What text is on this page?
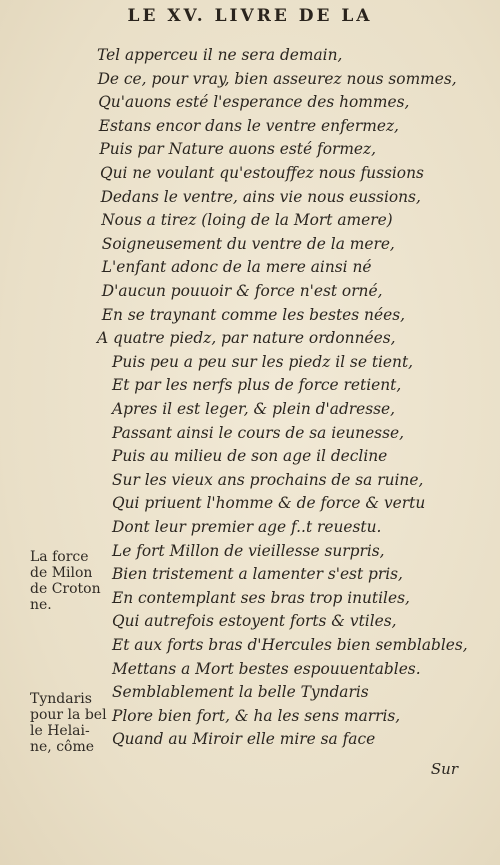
LE XV. LIVRE DE LA
Tel apperceu il ne sera demain,
De ce, pour vray, bien asseurez nous sommes,
Qu'auons esté l'esperance des hommes,
Estans encor dans le ventre enfermez,
Puis par Nature auons esté formez,
Qui ne voulant qu'estouffez nous fussions
Dedans le ventre, ains vie nous eussions,
Nous a tirez (loing de la Mort amere)
Soigneusement du ventre de la mere,
L'enfant adonc de la mere ainsi né
D'aucun pouuoir & force n'est orné,
En se traynant comme les bestes nées,
A quatre piedz, par nature ordonnées,
Puis peu a peu sur les piedz il se tient,
Et par les nerfs plus de force retient,
Apres il est leger, & plein d'adresse,
Passant ainsi le cours de sa ieunesse,
Puis au milieu de son age il decline
Sur les vieux ans prochains de sa ruine,
Qui priuent l'homme & de force & vertu
Dont leur premier age f..t reuestu.
Le fort Millon de vieillesse surpris,
Bien tristement a lamenter s'est pris,
En contemplant ses bras trop inutiles,
Qui autrefois estoyent forts & vtiles,
Et aux forts bras d'Hercules bien semblables,
Mettans a Mort bestes espouuentables.
Semblablement la belle Tyndaris
Plore bien fort, & ha les sens marris,
Quand au Miroir elle mire sa face
La force
de Milon
de Croton
ne.
Tyndaris
pour la bel
le Helai-
ne, côme
Sur
